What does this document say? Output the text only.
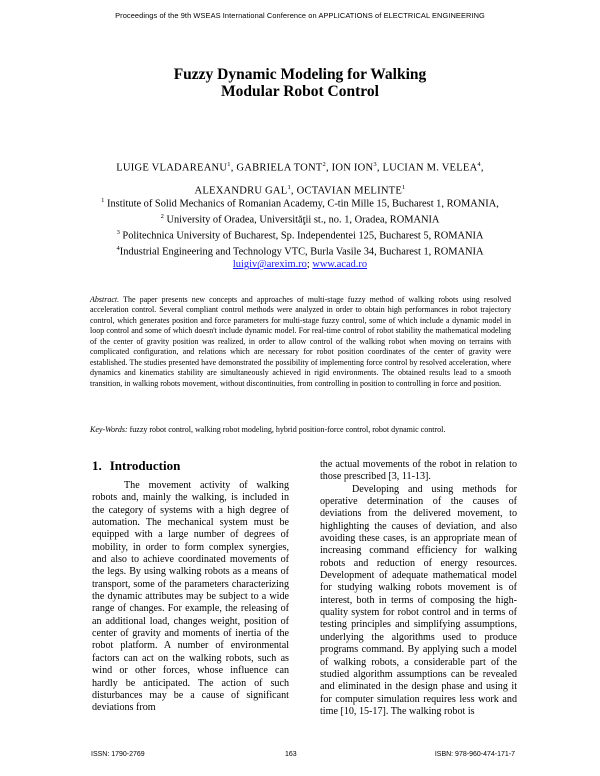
Proceedings of the 9th WSEAS International Conference on APPLICATIONS of ELECTRICAL ENGINEERING
Fuzzy Dynamic Modeling for Walking
Modular Robot Control
LUIGE VLADAREANU$^1$, GABRIELA TONT$^2$, ION ION$^3$, LUCIAN M. VELEA$^4$,
ALEXANDRU GAL$^1$, OCTAVIAN MELINTE$^1$
$^1$ Institute of Solid Mechanics of Romanian Academy, C-tin Mille 15, Bucharest 1, ROMANIA,
$^2$ University of Oradea, Universităţii st., no. 1, Oradea, ROMANIA
$^3$ Politechnica University of Bucharest, Sp. Independentei 125, Bucharest 5, ROMANIA
$^4$Industrial Engineering and Technology VTC, Burla Vasile 34, Bucharest 1, ROMANIA
luigiv@arexim.ro; www.acad.ro
Abstract. The paper presents new concepts and approaches of multi-stage fuzzy method of walking robots using resolved acceleration control. Several compliant control methods were analyzed in order to obtain high performances in robot trajectory control, which generates position and force parameters for multi-stage fuzzy control, some of which include a dynamic model in loop control and some of which doesn't include dynamic model. For real-time control of robot stability the mathematical modeling of the center of gravity position was realized, in order to allow control of the walking robot when moving on terrains with complicated configuration, and relations which are necessary for robot position coordinates of the center of gravity were established. The studies presented have demonstrated the possibility of implementing force control by resolved acceleration, where dynamics and kinematics stability are simultaneously achieved in rigid environments. The obtained results lead to a smooth transition, in walking robots movement, without discontinuities, from controlling in position to controlling in force and position.
Key-Words: fuzzy robot control, walking robot modeling, hybrid position-force control, robot dynamic control.
1. Introduction

The movement activity of walking robots and, mainly the walking, is included in the category of systems with a high degree of automation. The mechanical system must be equipped with a large number of degrees of mobility, in order to form complex synergies, and also to achieve coordinated movements of the legs. By using walking robots as a means of transport, some of the parameters characterizing the dynamic attributes may be subject to a wide range of changes. For example, the releasing of an additional load, changes weight, position of center of gravity and moments of inertia of the robot platform. A number of environmental factors can act on the walking robots, such as wind or other forces, whose influence can hardly be anticipated. The action of such disturbances may be a cause of significant deviations from

the actual movements of the robot in relation to those prescribed [3, 11-13].

Developing and using methods for operative determination of the causes of deviations from the delivered movement, to highlighting the causes of deviation, and also avoiding these cases, is an appropriate mean of increasing command efficiency for walking robots and reduction of energy resources. Development of adequate mathematical model for studying walking robots movement is of interest, both in terms of composing the high-quality system for robot control and in terms of testing principles and simplifying assumptions, underlying the algorithms used to produce programs command. By applying such a model of walking robots, a considerable part of the studied algorithm assumptions can be revealed and eliminated in the design phase and using it for computer simulation requires less work and time [10, 15-17]. The walking robot is

ISSN: 1790-2769	163	ISBN: 978-960-474-171-7
